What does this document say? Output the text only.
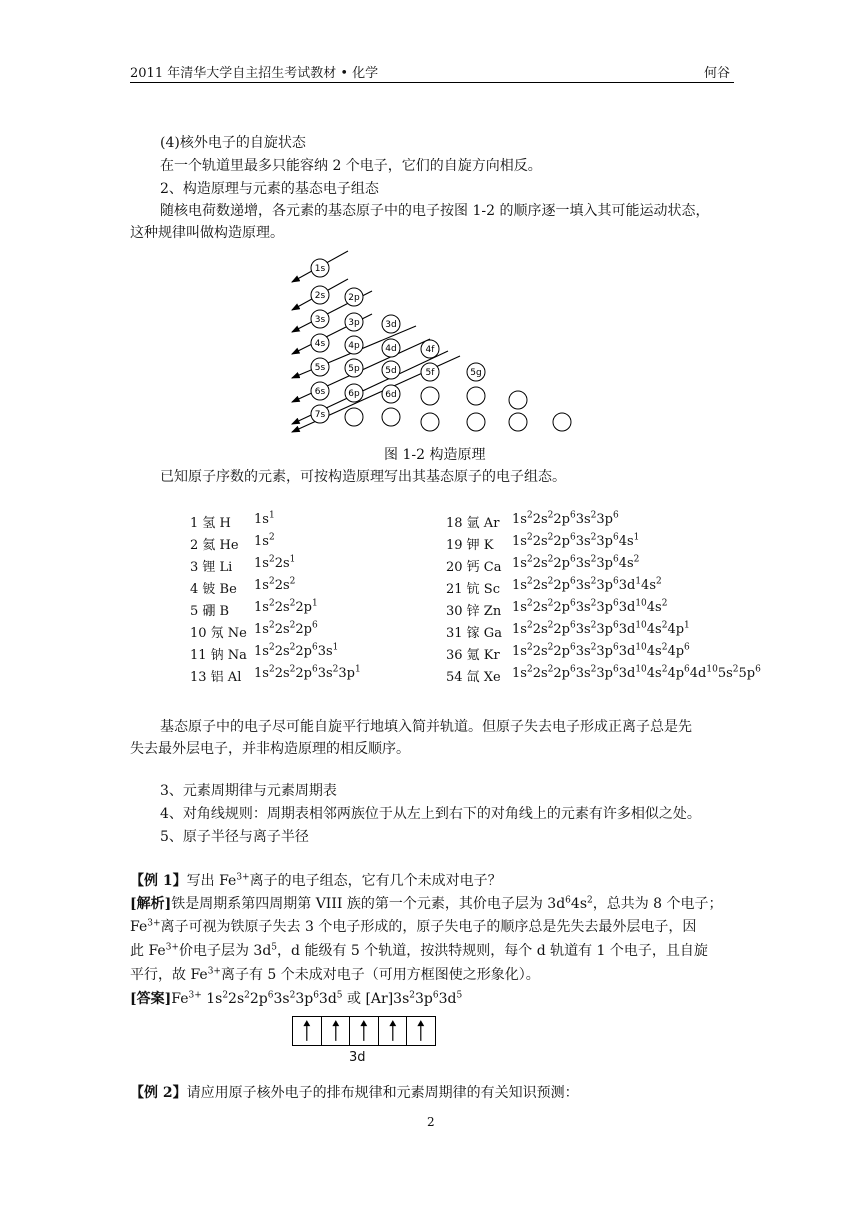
2011 年清华大学自主招生考试教材 • 化学	何谷
(4)核外电子的自旋状态
在一个轨道里最多只能容纳 2 个电子，它们的自旋方向相反。
2、构造原理与元素的基态电子组态
随核电荷数递增，各元素的基态原子中的电子按图 1-2 的顺序逐一填入其可能运动状态，
这种规律叫做构造原理。
1s
2s	2p
3s	3p	3d
4s	4p	4d	4f
5s	5p	5d	5f	5g
6s	6p	6d
7s
图 1-2 构造原理
已知原子序数的元素，可按构造原理写出其基态原子的电子组态。
1 氢 H $1s^1$
2 氦 He $1s^2$
3 锂 Li $1s^22s^1$
4 铍 Be $1s^22s^2$
5 硼 B $1s^22s^22p^1$
10 氖 Ne $1s^22s^22p^6$
11 钠 Na $1s^22s^22p^63s^1$
13 铝 Al $1s^22s^22p^63s^23p^1$
18 氩 Ar $1s^22s^22p^63s^23p^6$
19 钾 K $1s^22s^22p^63s^23p^64s^1$
20 钙 Ca $1s^22s^22p^63s^23p^64s^2$
21 钪 Sc $1s^22s^22p^63s^23p^63d^14s^2$
30 锌 Zn $1s^22s^22p^63s^23p^63d^{10}4s^2$
31 镓 Ga $1s^22s^22p^63s^23p^63d^{10}4s^24p^1$
36 氪 Kr $1s^22s^22p^63s^23p^63d^{10}4s^24p^6$
54 氙 Xe $1s^22s^22p^63s^23p^63d^{10}4s^24p^64d^{10}5s^25p^6$
基态原子中的电子尽可能自旋平行地填入简并轨道。但原子失去电子形成正离子总是先
失去最外层电子，并非构造原理的相反顺序。
3、元素周期律与元素周期表
4、对角线规则：周期表相邻两族位于从左上到右下的对角线上的元素有许多相似之处。
5、原子半径与离子半径
【例 1】写出 $Fe^{3+}$离子的电子组态，它有几个未成对电子？
[解析]铁是周期系第四周期第 VIII 族的第一个元素，其价电子层为 $3d^64s^2$，总共为 8 个电子；
$Fe^{3+}$离子可视为铁原子失去 3 个电子形成的，原子失电子的顺序总是先失去最外层电子，因
此 $Fe^{3+}$价电子层为 $3d^5$，d 能级有 5 个轨道，按洪特规则，每个 d 轨道有 1 个电子，且自旋
平行，故 $Fe^{3+}$离子有 5 个未成对电子（可用方框图使之形象化）。
[答案]$Fe^{3+}$ $1s^22s^22p^63s^23p^63d^5$ 或 $[Ar]3s^23p^63d^5$
3d
【例 2】请应用原子核外电子的排布规律和元素周期律的有关知识预测：
2
